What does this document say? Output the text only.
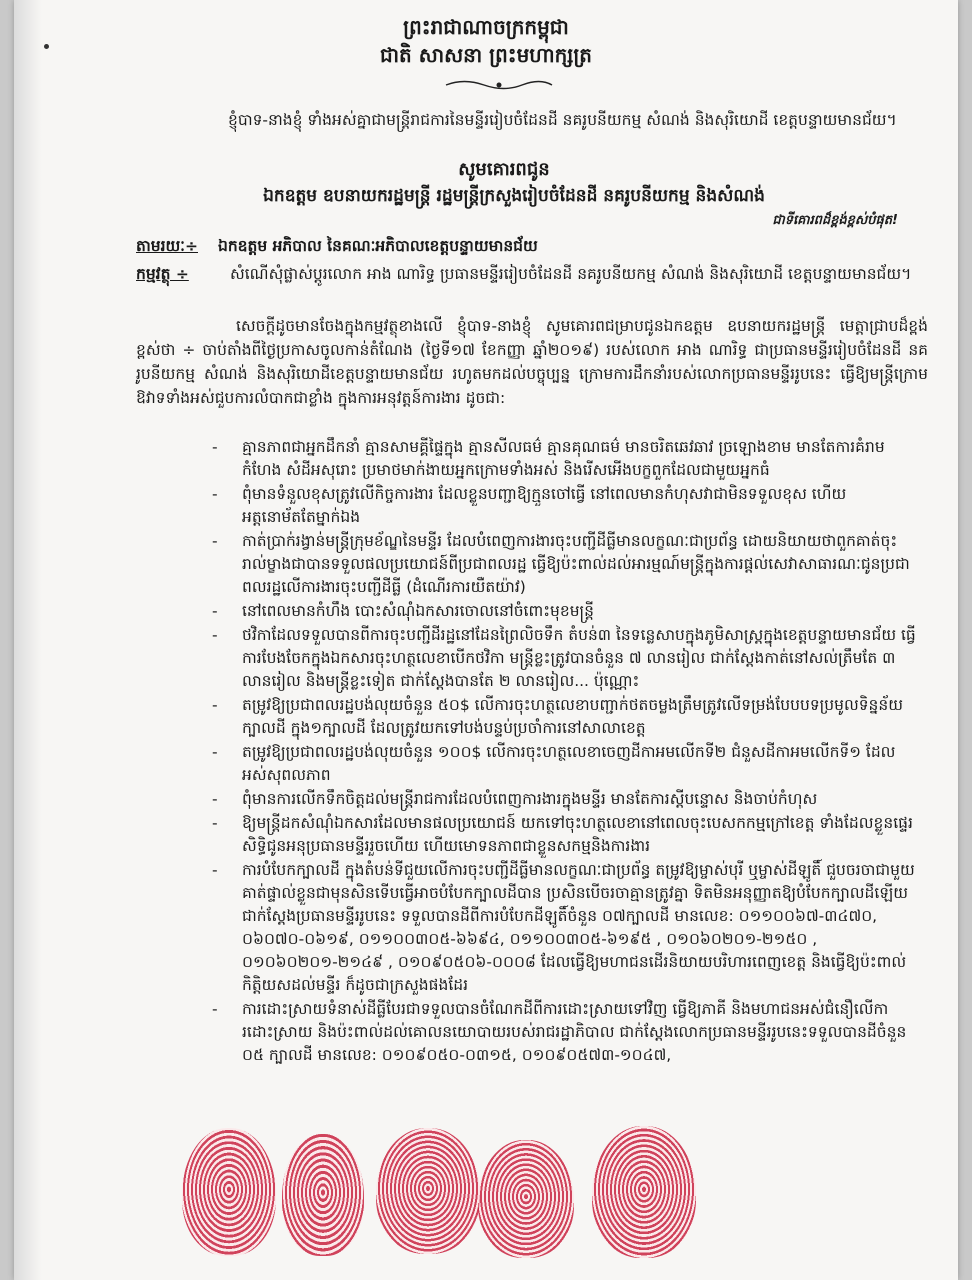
ព្រះរាជាណាចក្រកម្ពុជា
ជាតិ សាសនា ព្រះមហាក្សត្រ
ខ្ញុំបាទ-នាងខ្ញុំ ទាំងអស់គ្នាជាមន្ត្រីរាជការនៃមន្ទីររៀបចំដែនដី នគរូបនីយកម្ម សំណង់ និងសុរិយោដី ខេត្តបន្ទាយមានជ័យ។
សូមគោរពជូន
ឯកឧត្តម ឧបនាយករដ្ឋមន្ត្រី រដ្ឋមន្ត្រីក្រសួងរៀបចំដែនដី នគរូបនីយកម្ម និងសំណង់
ជាទីគោរពដ៏ខ្ពង់ខ្ពស់បំផុត!
តាមរយៈ÷ ឯកឧត្តម អភិបាល នៃគណៈអភិបាលខេត្តបន្ទាយមានជ័យ
កម្មវត្ថុ ÷	សំណើសុំផ្លាស់ប្តូរលោក អាង ណារិទ្ធ ប្រធានមន្ទីររៀបចំដែនដី នគរូបនីយកម្ម សំណង់ និងសុរិយោដី ខេត្តបន្ទាយមានជ័យ។
សេចក្តីដូចមានចែងក្នុងកម្មវត្ថុខាងលើ ខ្ញុំបាទ-នាងខ្ញុំ សូមគោរពជម្រាបជូនឯកឧត្តម ឧបនាយករដ្ឋមន្ត្រី មេត្តាជ្រាបដ៏ខ្ពង់ខ្ពស់ថា ÷ ចាប់តាំងពីថ្ងៃប្រកាសចូលកាន់តំណែង (ថ្ងៃទី១៧ ខែកញ្ញា ឆ្នាំ២០១៩) របស់លោក អាង ណារិទ្ធ ជាប្រធានមន្ទីររៀបចំដែនដី នគរូបនីយកម្ម សំណង់ និងសុរិយោដីខេត្តបន្ទាយមានជ័យ រហូតមកដល់បច្ចុប្បន្ន ក្រោមការដឹកនាំរបស់លោកប្រធានមន្ទីររូបនេះ ធ្វើឱ្យមន្ត្រីក្រោមឱវាទទាំងអស់ជួបការលំបាកជាខ្លាំង ក្នុងការអនុវត្តន៍ការងារ ដូចជា:
- គ្មានភាពជាអ្នកដឹកនាំ គ្មានសាមគ្គីផ្ទៃក្នុង គ្មានសីលធម៌ គ្មានគុណធម៌ មានចរិតឆេវឆាវ ច្រឡោងខាម មានតែការគំរាមកំហែង សំដីអសុរោះ ប្រមាថមាក់ងាយអ្នកក្រោមទាំងអស់ និងរើសអើងបក្ខពួកដែលជាមួយអ្នកធំ
- ពុំមានទំនួលខុសត្រូវលើកិច្ចការងារ ដែលខ្លួនបញ្ជាឱ្យក្មួនចៅធ្វើ នៅពេលមានកំហុសវាជាមិនទទួលខុស ហើយអត្តនោម័តតែម្នាក់ឯង
- កាត់ប្រាក់រង្វាន់មន្ត្រីក្រុមខ័ណ្ឌនៃមន្ទីរ ដែលបំពេញការងារចុះបញ្ជីដីធ្លីមានលក្ខណៈជាប្រព័ន្ធ ដោយនិយាយថាពួកគាត់ចុះរាល់ម្ខាងជាបានទទួលផលប្រយោជន៍ពីប្រជាពលរដ្ឋ ធ្វើឱ្យប៉ះពាល់ដល់អារម្មណ៍មន្ត្រីក្នុងការផ្តល់សេវាសាធារណៈជូនប្រជាពលរដ្ឋលើការងារចុះបញ្ជីដីធ្លី (ដំណើរការយឺតយ៉ាវ)
- នៅពេលមានកំហឹង បោះសំណុំឯកសារចោលនៅចំពោះមុខមន្ត្រី
- ថវិកាដែលទទួលបានពីការចុះបញ្ជីដីរដ្ឋនៅដែនព្រៃលិចទឹក តំបន់៣ នៃទន្លេសាបក្នុងភូមិសាស្ត្រក្នុងខេត្តបន្ទាយមានជ័យ ធ្វើការបែងចែកក្នុងឯកសារចុះហត្ថលេខាបើកថវិកា មន្ត្រីខ្លះត្រូវបានចំនួន ៧ លានរៀល ជាក់ស្តែងកាត់នៅសល់ត្រឹមតែ ៣ លានរៀល និងមន្ត្រីខ្លះទៀត ជាក់ស្តែងបានតែ ២ លានរៀល... ប៉ុណ្ណោះ
- តម្រូវឱ្យប្រជាពលរដ្ឋបង់លុយចំនួន ៥០$ លើការចុះហត្ថលេខាបញ្ជាក់ថតចម្លងត្រឹមត្រូវលើទម្រង់បែបបទប្រមូលទិន្នន័យក្បាលដី ក្នុង១ក្បាលដី ដែលត្រូវយកទៅបង់បន្ទប់ប្រចាំការនៅសាលាខេត្ត
- តម្រូវឱ្យប្រជាពលរដ្ឋបង់លុយចំនួន ១០០$ លើការចុះហត្ថលេខាចេញដីកាអមលើកទី២ ជំនួសដីកាអមលើកទី១ ដែលអស់សុពលភាព
- ពុំមានការលើកទឹកចិត្តដល់មន្ត្រីរាជការដែលបំពេញការងារក្នុងមន្ទីរ មានតែការស្តីបន្ទោស និងចាប់កំហុស
- ឱ្យមន្ត្រីដកសំណុំឯកសារដែលមានផលប្រយោជន៍ យកទៅចុះហត្ថលេខានៅពេលចុះបេសកកម្មក្រៅខេត្ត ទាំងដែលខ្លួនផ្ទេរសិទ្ធិជូនអនុប្រធានមន្ទីររួចហើយ ហើយមោទនភាពជាខ្លួនសកម្មនិងការងារ
- ការបំបែកក្បាលដី ក្នុងតំបន់ទីជួយលើការចុះបញ្ជីដីធ្លីមានលក្ខណៈជាប្រព័ន្ធ តម្រូវឱ្យម្ចាស់បុរី ឬម្ចាស់ដីឡូតិ៍ ជួបចរចាជាមួយគាត់ផ្ទាល់ខ្លួនជាមុនសិនទើបធ្វើអាចបំបែកក្បាលដីបាន ប្រសិនបើចរចាគ្មានត្រូវគ្នា ទិតមិនអនុញ្ញាតឱ្យបំបែកក្បាលដីឡើយ ជាក់ស្តែងប្រធានមន្ទីររូបនេះ ទទួលបានដីពីការបំបែកដីឡូតិ៍ចំនួន ០៧ក្បាលដី មានលេខ: ០១១០០៦៧-៣៤៧០, ០៦០៧០-០៦១៩, ០១១០០៣០៥-៦៦៩៤, ០១១០០៣០៥-៦១៩៥ , ០១០៦០២០១-២១៥០ , ០១០៦០២០១-២១៤៩ , ០១០៩០៥០៦-០០០៨ ដែលធ្វើឱ្យមហាជនដើរនិយាយបរិហារពេញខេត្ត និងធ្វើឱ្យប៉ះពាល់កិត្តិយសដល់មន្ទីរ ក៏ដូចជាក្រសួងផងដែរ
- ការដោះស្រាយទំនាស់ដីធ្លីបែរជាទទួលបានចំណែកដីពីការដោះស្រាយទៅវិញ ធ្វើឱ្យភាគី និងមហាជនអស់ជំនឿលើការដោះស្រាយ និងប៉ះពាល់ដល់គោលនយោបាយរបស់រាជរដ្ឋាភិបាល ជាក់ស្តែងលោកប្រធានមន្ទីររូបនេះទទួលបានដីចំនួន ០៥ ក្បាលដី មានលេខ: ០១០៩០៥០-០៣១៥, ០១០៩០៥៧៣-១០៤៧,
